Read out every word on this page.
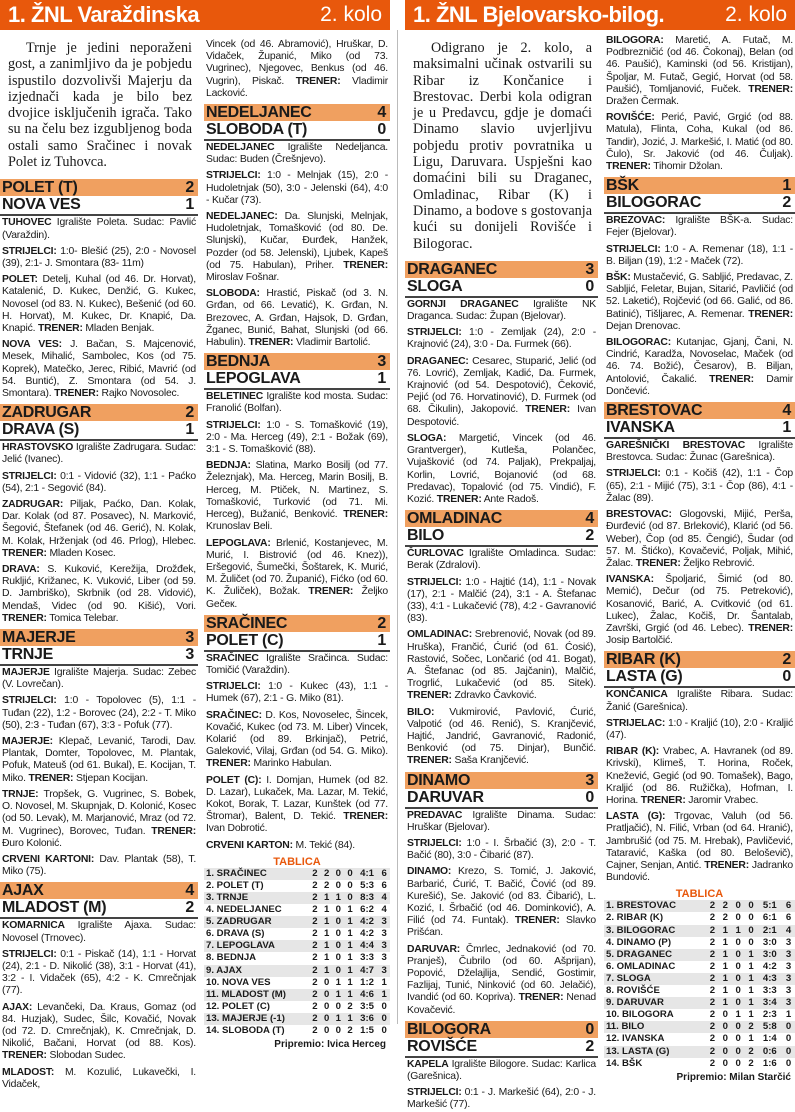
1. ŽNL Varaždinska	2. kolo
Trnje je jedini neporaženi gost, a zanimljivo da je pobjedu ispustilo dozvolivši Majerju da izjednači kada je bilo bez dvojice isključenih igrača. Tako su na čelu bez izgubljenog boda ostali samo Sračinec i novak Polet iz Tuhovca.
POLET (T)	2
NOVA VES	1

TUHOVEC Igralište Poleta. Sudac: Pavlić (Varaždin).

STRIJELCI: 1:0- Blešić (25), 2:0 - Novosel (39), 2:1- J. Smontara (83- 11m)

POLET: Detelj, Kuhal (od 46. Dr. Horvat), Katalenić, D. Kukec, Denžić, G. Kukec, Novosel (od 83. N. Kukec), Bešenić (od 60. H. Horvat), M. Kukec, Dr. Knapić, Da. Knapić. TRENER: Mladen Benjak.

NOVA VES: J. Bačan, S. Majcenović, Mesek, Mihalić, Sambolec, Kos (od 75. Koprek), Matečko, Jerec, Ribić, Mavrić (od 54. Buntić), Z. Smontara (od 54. J. Smontara). TRENER: Rajko Novosolec.

ZADRUGAR	2
DRAVA (S)	1

HRASTOVSKO Igralište Zadrugara. Sudac: Jelić (Ivanec).

STRIJELCI: 0:1 - Vidović (32), 1:1 - Paćko (54), 2:1 - Segović (84).

ZADRUGAR: Piljak, Paćko, Dan. Kolak, Dar. Kolak (od 87. Posavec), N. Marković, Šegović, Štefanek (od 46. Gerić), N. Kolak, M. Kolak, Hrženjak (od 46. Prlog), Hlebec. TRENER: Mladen Kosec.

DRAVA: S. Kuković, Kerežija, Drožđek, Rukljić, Križanec, K. Vuković, Liber (od 59. D. Jambriško), Skrbnik (od 28. Vidović), Mendaš, Videc (od 90. Kišić), Vori. TRENER: Tomica Telebar.

MAJERJE	3
TRNJE	3

MAJERJE Igralište Majerja. Sudac: Zebec (V. Lovrečan).

STRIJELCI: 1:0 - Topolovec (5), 1:1 - Tuđan (22), 1:2 - Borovec (24), 2:2 - T. Miko (50), 2:3 - Tuđan (67), 3:3 - Pofuk (77).

MAJERJE: Klepač, Levanić, Tarodi, Dav. Plantak, Domter, Topolovec, M. Plantak, Pofuk, Mateuš (od 61. Bukal), E. Kocijan, T. Miko. TRENER: Stjepan Kocijan.

TRNJE: Tropšek, G. Vugrinec, S. Bobek, O. Novosel, M. Skupnjak, D. Kolonić, Kosec (od 50. Levak), M. Marjanović, Mraz (od 72. M. Vugrinec), Borovec, Tuđan. TRENER: Đuro Kolonić.

CRVENI KARTONI: Dav. Plantak (58), T. Miko (75).

AJAX	4
MLADOST (M)	2

KOMARNICA Igralište Ajaxa. Sudac: Novosel (Trnovec).

STRIJELCI: 0:1 - Piskač (14), 1:1 - Horvat (24), 2:1 - D. Nikolić (38), 3:1 - Horvat (41), 3:2 - I. Vidaček (65), 4:2 - K. Cmrečnjak (77).

AJAX: Levančeki, Da. Kraus, Gomaz (od 84. Huzjak), Sudec, Šilc, Kovačić, Novak (od 72. D. Cmrečnjak), K. Cmrečnjak, D. Nikolić, Bačani, Horvat (od 88. Kos). TRENER: Slobodan Sudec.

MLADOST: M. Kozulić, Lukavečki, I. Vidaček,

Vincek (od 46. Abramović), Hruškar, D. Vidaček, Županić, Miko (od 73. Vugrinec), Njegovec, Benkus (od 46. Vugrin), Piskač. TRENER: Vladimir Lacković.

NEDELJANEC	4
SLOBODA (T)	0

NEDELJANEC Igralište Nedeljanca. Sudac: Buden (Črešnjevo).

STRIJELCI: 1:0 - Melnjak (15), 2:0 - Hudoletnjak (50), 3:0 - Jelenski (64), 4:0 - Kučar (73).

NEDELJANEC: Da. Slunjski, Melnjak, Hudoletnjak, Tomašković (od 80. De. Slunjski), Kučar, Đurđek, Hanžek, Pozder (od 58. Jelenski), Ljubek, Kapeš (od 75. Habulan), Priher. TRENER: Miroslav Fošnar.

SLOBODA: Hrastić, Piskač (od 3. N. Grđan, od 66. Levatić), K. Grđan, N. Brezovec, A. Grđan, Hajsok, D. Grđan, Žganec, Bunić, Bahat, Slunjski (od 66. Habulin). TRENER: Vladimir Bartolić.

BEDNJA	3
LEPOGLAVA	1

BELETINEC Igralište kod mosta. Sudac: Franolić (Bolfan).

STRIJELCI: 1:0 - S. Tomašković (19), 2:0 - Ma. Herceg (49), 2:1 - Božak (69), 3:1 - S. Tomašković (88).

BEDNJA: Slatina, Marko Bosilj (od 77. Železnjak), Ma. Herceg, Marin Bosilj, B. Herceg, M. Ptiček, N. Martinez, S. Tomašković, Turković (od 71. Mi. Herceg), Bužanić, Benković. TRENER: Krunoslav Beli.

LEPOGLAVA: Brlenić, Kostanjevec, M. Murić, I. Bistrović (od 46. Knez)), Eršegović, Šumečki, Šoštarek, K. Murić, M. Žuličet (od 70. Županić), Fićko (od 60. K. Žuliček), Božak. TRENER: Željko Gečeк.

SRAČINEC	2
POLET (C)	1

SRAČINEC Igralište Sračinca. Sudac: Tomičić (Varaždin).

STRIJELCI: 1:0 - Kukec (43), 1:1 - Humek (67), 2:1 - G. Miko (81).

SRAČINEC: D. Kos, Novoselec, Šincek, Kovačić, Kukec (od 73. M. Liber) Vincek, Kolarić (od 89. Brkinjač), Petrić, Galeković, Vilaj, Grđan (od 54. G. Miko). TRENER: Marinko Habulan.

POLET (C): I. Domjan, Humek (od 82. D. Lazar), Lukaček, Ma. Lazar, M. Tekić, Kokot, Borak, T. Lazar, Kunštek (od 77. Štromar), Balent, D. Tekić. TRENER: Ivan Dobrotić.

CRVENI KARTON: M. Tekić (84).

TABLICA
1. SRAČINEC	2	2	0	0	4:1	6
2. POLET (T)	2	2	0	0	5:3	6
3. TRNJE	2	1	1	0	8:3	4
4. NEDELJANEC	2	1	0	1	6:2	4
5. ZADRUGAR	2	1	0	1	4:2	3
6. DRAVA (S)	2	1	0	1	4:2	3
7. LEPOGLAVA	2	1	0	1	4:4	3
8. BEDNJA	2	1	0	1	3:3	3
9. AJAX	2	1	0	1	4:7	3
10. NOVA VES	2	0	1	1	1:2	1
11. MLADOST (M)	2	0	1	1	4:6	1
12. POLET (C)	2	0	0	2	3:5	0
13. MAJERJE (-1)	2	0	1	1	3:6	0
14. SLOBODA (T)	2	0	0	2	1:5	0
Pripremio: Ivica Herceg
1. ŽNL Bjelovarsko-bilog.	2. kolo
Odigrano je 2. kolo, a maksimalni učinak ostvarili su Ribar iz Končanice i Brestovac. Derbi kola odigran je u Predavcu, gdje je domaći Dinamo slavio uvjerljivu pobjedu protiv povratnika u Ligu, Daruvara. Uspješni kao domaćini bili su Draganec, Omladinac, Ribar (K) i Dinamo, a bodove s gostovanja kući su donijeli Rovišće i Bilogorac.
DRAGANEC	3
SLOGA	0

GORNJI DRAGANEC Igralište NK Draganca. Sudac: Župan (Bjelovar).

STRIJELCI: 1:0 - Zemljak (24), 2:0 - Krajnović (24), 3:0 - Da. Furmek (66).

DRAGANEC: Cesarec, Stuparić, Jelić (od 76. Lovrić), Zemljak, Kadić, Da. Furmek, Krajnović (od 54. Despotović), Čeković, Pejić (od 76. Horvatinović), D. Furmek (od 68. Čikulin), Jakopović. TRENER: Ivan Despotović.

SLOGA: Margetić, Vincek (od 46. Grantverger), Kutleša, Polančec, Vujašković (od 74. Paljak), Prekpaljaj, Korlin, Lovrić, Bojanović (od 68. Predavac), Topalović (od 75. Vindić), F. Kozić. TRENER: Ante Radoš.

OMLADINAC	4
BILO	2

ČURLOVAC Igralište Omladinca. Sudac: Berak (Zdralovi).

STRIJELCI: 1:0 - Hajtić (14), 1:1 - Novak (17), 2:1 - Malčić (24), 3:1 - A. Štefanac (33), 4:1 - Lukačević (78), 4:2 - Gavranović (83).

OMLADINAC: Srebrenović, Novak (od 89. Hruška), Frančić, Ćurić (od 61. Ćosić), Rastović, Sočec, Lončarić (od 41. Bogat), A. Štefanac (od 85. Jajčanin), Malčić, Trogrlić, Lukačević (od 85. Sitek). TRENER: Zdravko Čavković.

BILO: Vukmirović, Pavlović, Ćurić, Valpotić (od 46. Renić), S. Kranjčević, Hajtić, Jandrić, Gavranović, Radonić, Benković (od 75. Dinjar), Bunčić. TRENER: Saša Kranjčević.

DINAMO	3
DARUVAR	0

PREDAVAC Igralište Dinama. Sudac: Hruškar (Bjelovar).

STRIJELCI: 1:0 - I. Šrbačić (3), 2:0 - T. Bačić (80), 3:0 - Čibarić (87).

DINAMO: Krezo, S. Tomić, J. Jaković, Barbarić, Ćurić, T. Bačić, Čović (od 89. Kurešić), Se. Jaković (od 83. Čibarić), L. Kozić, I. Šrbačić (od 46. Dominković), A. Filić (od 74. Funtak). TRENER: Slavko Prišćan.

DARUVAR: Čmrlec, Jednaković (od 70. Pranješ), Čubrilo (od 60. Ašprijan), Popović, Dželajlija, Sendić, Gostimir, Fazlijaj, Tunić, Ninković (od 60. Jelačić), Ivandić (od 60. Kopriva). TRENER: Nenad Kovačević.

BILOGORA	0
ROVIŠĆE	2

KAPELA Igralište Bilogore. Sudac: Karlica (Garešnica).

STRIJELCI: 0:1 - J. Markešić (64), 2:0 - J. Markešić (77).

BILOGORA: Maretić, A. Futač, M. Podbrezničić (od 46. Čokonaj), Belan (od 46. Paušić), Kaminski (od 56. Kristijan), Špoljar, M. Futač, Gegić, Horvat (od 58. Paušić), Tomljanović, Fuček. TRENER: Dražen Čermak.

ROVIŠĆE: Perić, Pavić, Grgić (od 88. Matula), Flinta, Coha, Kukal (od 86. Tandir), Jozić, J. Markešić, I. Matić (od 80. Čulo), Sr. Jaković (od 46. Čuljak). TRENER: Tihomir Džolan.

BŠK	1
BILOGORAC	2

BREZOVAC: Igralište BŠK-a. Sudac: Fejer (Bjelovar).

STRIJELCI: 1:0 - A. Remenar (18), 1:1 - B. Biljan (19), 1:2 - Maček (72).

BŠK: Mustačević, G. Sabljić, Predavac, Z. Sabljić, Feletar, Bujan, Sitarić, Pavličić (od 52. Laketić), Rojčević (od 66. Galić, od 86. Batinić), Tišljarec, A. Remenar. TRENER: Dejan Drenovac.

BILOGORAC: Kutanjac, Gjanj, Čani, N. Cindrić, Karadža, Novoselac, Maček (od 46. 74. Božić), Česarov), B. Biljan, Antolović, Čakalić. TRENER: Damir Dončević.

BRESTOVAC	4
IVANSKA	1

GAREŠNIČKI BRESTOVAC Igralište Brestovca. Sudac: Žunac (Garešnica).

STRIJELCI: 0:1 - Kočiš (42), 1:1 - Čop (65), 2:1 - Mijić (75), 3:1 - Čop (86), 4:1 - Žalac (89).

BRESTOVAC: Glogovski, Mijić, Perša, Đurđević (od 87. Brleković), Klarić (od 56. Weber), Čop (od 85. Čengić), Šudar (od 57. M. Štićko), Kovačević, Poljak, Mihić, Žalac. TRENER: Željko Rebrović.

IVANSKA: Špoljarić, Šimić (od 80. Memić), Dečur (od 75. Petreković), Kosanović, Barić, A. Cvitković (od 61. Lukec), Žalac, Kočiš, Dr. Šantalab, Završki, Grgić (od 46. Lebec). TRENER: Josip Bartolčić.

RIBAR (K)	2
LASTA (G)	0

KONČANICA Igralište Ribara. Sudac: Žanić (Garešnica).

STRIJELAC: 1:0 - Kraljić (10), 2:0 - Kraljić (47).

RIBAR (K): Vrabec, A. Havranek (od 89. Krivski), Klimeš, T. Horina, Roček, Knežević, Gegić (od 90. Tomašek), Bago, Kraljić (od 86. Ružička), Hofman, I. Horina. TRENER: Jaromir Vrabec.

LASTA (G): Trgovac, Valuh (od 56. Pratljačić), N. Filić, Vrban (od 64. Hranić), Jambrušić (od 75. M. Hrebak), Pavličević, Tataravić, Kaška (od 80. Beloševič), Cajner, Senjan, Antić. TRENER: Jadranko Bundović.

TABLICA
1. BRESTOVAC	2	2	0	0	5:1	6
2. RIBAR (K)	2	2	0	0	6:1	6
3. BILOGORAC	2	1	1	0	2:1	4
4. DINAMO (P)	2	1	0	0	3:0	3
5. DRAGANEC	2	1	0	1	3:0	3
6. OMLADINAC	2	1	0	1	4:2	3
7. SLOGA	2	1	0	1	4:3	3
8. ROVIŠĆE	2	1	0	1	3:3	3
9. DARUVAR	2	1	0	1	3:4	3
10. BILOGORA	2	0	1	1	2:3	1
11. BILO	2	0	0	2	5:8	0
12. IVANSKA	2	0	0	1	1:4	0
13. LASTA (G)	2	0	0	2	0:6	0
14. BŠK	2	0	0	2	1:6	0
Pripremio: Milan Starčić
